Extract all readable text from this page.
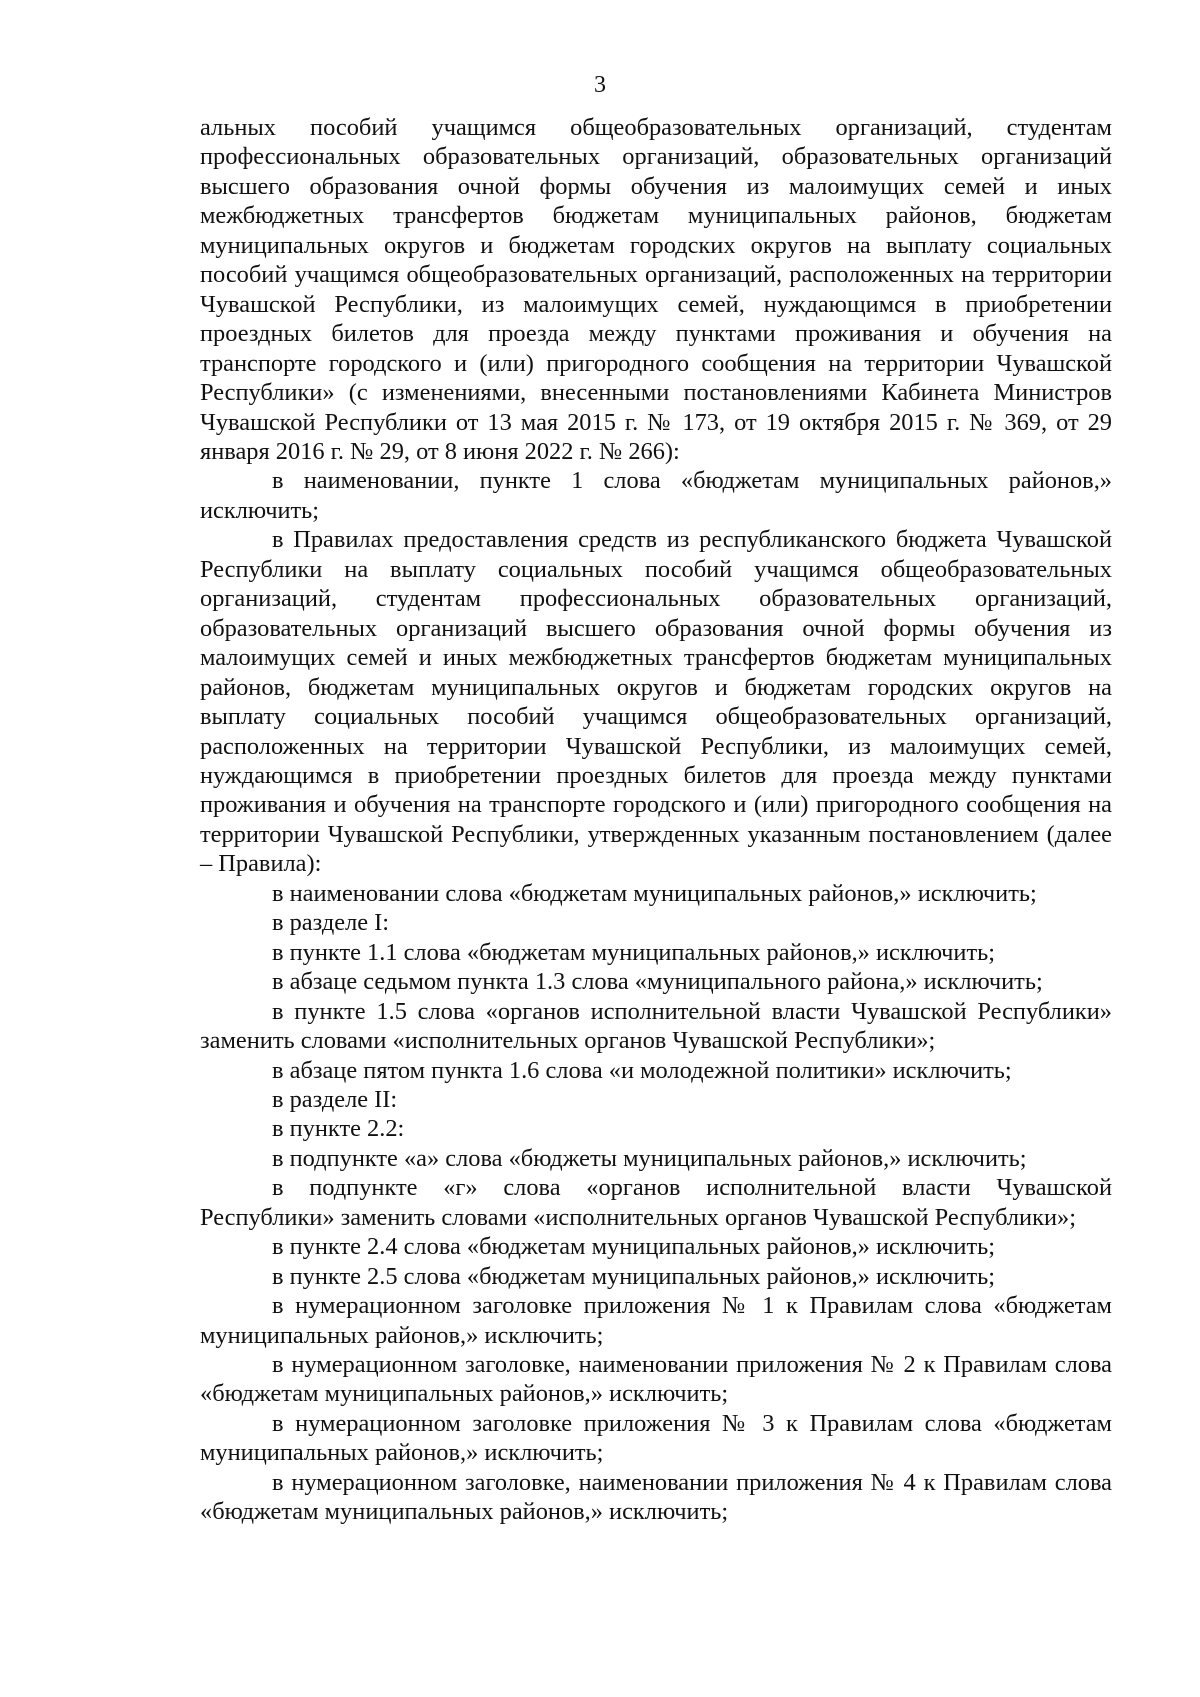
3

альных пособий учащимся общеобразовательных организаций, студентам профессиональных образовательных организаций, образовательных организаций высшего образования очной формы обучения из малоимущих семей и иных межбюджетных трансфертов бюджетам муниципальных районов, бюджетам муниципальных округов и бюджетам городских округов на выплату социальных пособий учащимся общеобразовательных организаций, расположенных на территории Чувашской Республики, из малоимущих семей, нуждающимся в приобретении проездных билетов для проезда между пунктами проживания и обучения на транспорте городского и (или) пригородного сообщения на территории Чувашской Республики» (с изменениями, внесенными постановлениями Кабинета Министров Чувашской Республики от 13 мая 2015 г. № 173, от 19 октября 2015 г. № 369, от 29 января 2016 г. № 29, от 8 июня 2022 г. № 266):

в наименовании, пункте 1 слова «бюджетам муниципальных районов,» исключить;

в Правилах предоставления средств из республиканского бюджета Чувашской Республики на выплату социальных пособий учащимся общеобразовательных организаций, студентам профессиональных образовательных организаций, образовательных организаций высшего образования очной формы обучения из малоимущих семей и иных межбюджетных трансфертов бюджетам муниципальных районов, бюджетам муниципальных округов и бюджетам городских округов на выплату социальных пособий учащимся общеобразовательных организаций, расположенных на территории Чувашской Республики, из малоимущих семей, нуждающимся в приобретении проездных билетов для проезда между пунктами проживания и обучения на транспорте городского и (или) пригородного сообщения на территории Чувашской Республики, утвержденных указанным постановлением (далее – Правила):

в наименовании слова «бюджетам муниципальных районов,» исключить;

в разделе I:

в пункте 1.1 слова «бюджетам муниципальных районов,» исключить;

в абзаце седьмом пункта 1.3 слова «муниципального района,» исключить;

в пункте 1.5 слова «органов исполнительной власти Чувашской Республики» заменить словами «исполнительных органов Чувашской Республики»;

в абзаце пятом пункта 1.6 слова «и молодежной политики» исключить;

в разделе II:

в пункте 2.2:

в подпункте «а» слова «бюджеты муниципальных районов,» исключить;

в подпункте «г» слова «органов исполнительной власти Чувашской Республики» заменить словами «исполнительных органов Чувашской Республики»;

в пункте 2.4 слова «бюджетам муниципальных районов,» исключить;

в пункте 2.5 слова «бюджетам муниципальных районов,» исключить;

в нумерационном заголовке приложения № 1 к Правилам слова «бюджетам муниципальных районов,» исключить;

в нумерационном заголовке, наименовании приложения № 2 к Правилам слова «бюджетам муниципальных районов,» исключить;

в нумерационном заголовке приложения № 3 к Правилам слова «бюджетам муниципальных районов,» исключить;

в нумерационном заголовке, наименовании приложения № 4 к Правилам слова «бюджетам муниципальных районов,» исключить;
